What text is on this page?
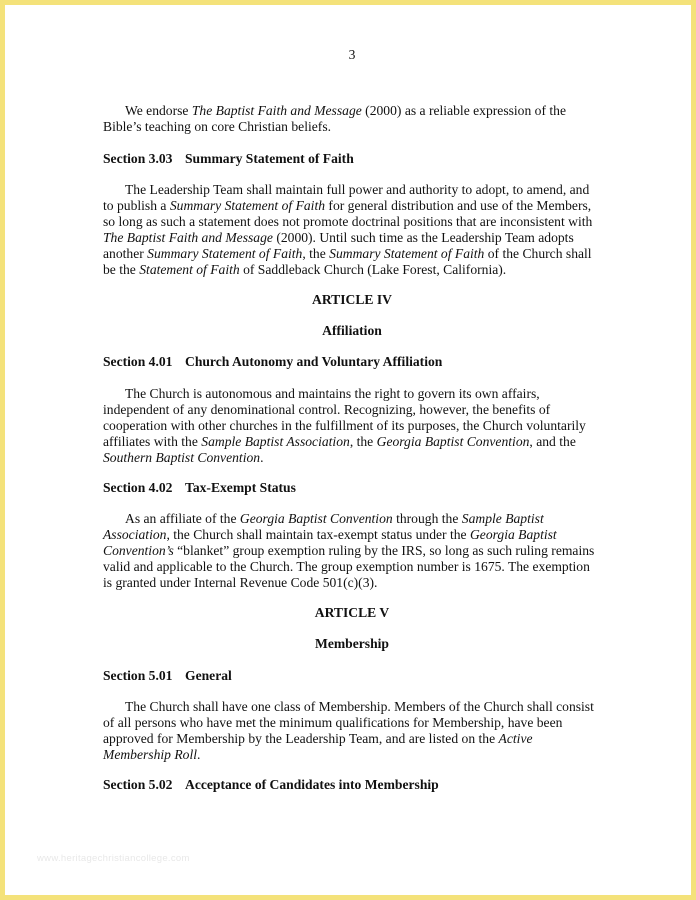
3

We endorse The Baptist Faith and Message (2000) as a reliable expression of the Bible’s teaching on core Christian beliefs.

Section 3.03 Summary Statement of Faith

The Leadership Team shall maintain full power and authority to adopt, to amend, and to publish a Summary Statement of Faith for general distribution and use of the Members, so long as such a statement does not promote doctrinal positions that are inconsistent with The Baptist Faith and Message (2000). Until such time as the Leadership Team adopts another Summary Statement of Faith, the Summary Statement of Faith of the Church shall be the Statement of Faith of Saddleback Church (Lake Forest, California).

ARTICLE IV

Affiliation

Section 4.01 Church Autonomy and Voluntary Affiliation

The Church is autonomous and maintains the right to govern its own affairs, independent of any denominational control. Recognizing, however, the benefits of cooperation with other churches in the fulfillment of its purposes, the Church voluntarily affiliates with the Sample Baptist Association, the Georgia Baptist Convention, and the Southern Baptist Convention.

Section 4.02 Tax-Exempt Status

As an affiliate of the Georgia Baptist Convention through the Sample Baptist Association, the Church shall maintain tax-exempt status under the Georgia Baptist Convention’s “blanket” group exemption ruling by the IRS, so long as such ruling remains valid and applicable to the Church. The group exemption number is 1675. The exemption is granted under Internal Revenue Code 501(c)(3).

ARTICLE V

Membership

Section 5.01 General

The Church shall have one class of Membership. Members of the Church shall consist of all persons who have met the minimum qualifications for Membership, have been approved for Membership by the Leadership Team, and are listed on the Active Membership Roll.

Section 5.02 Acceptance of Candidates into Membership

www.heritagechristiancollege.com
